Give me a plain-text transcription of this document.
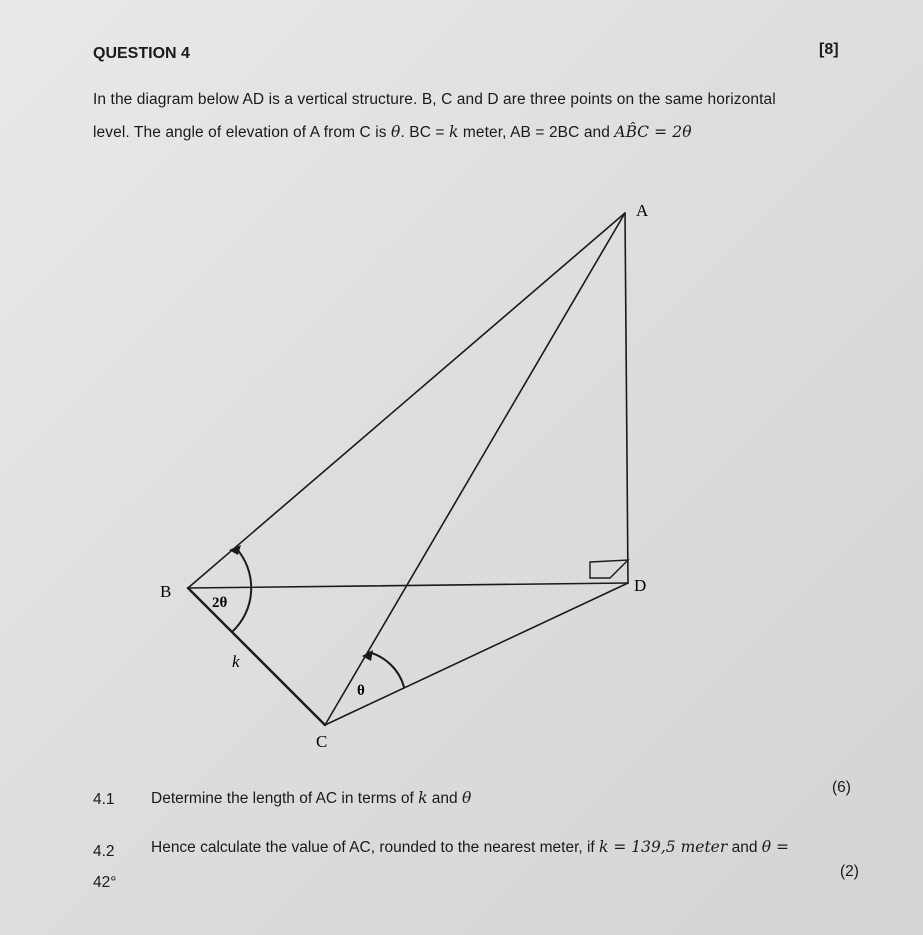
QUESTION 4	[8]
In the diagram below AD is a vertical structure. B, C and D are three points on the same horizontal
level. The angle of elevation of A from C is θ. BC = k meter, AB = 2BC and AB̂C = 2θ
A
B
C
D
2θ
k
θ
4.1 Determine the length of AC in terms of k and θ
(6)
4.2 Hence calculate the value of AC, rounded to the nearest meter, if k = 139,5 meter and θ =
42°
(2)
